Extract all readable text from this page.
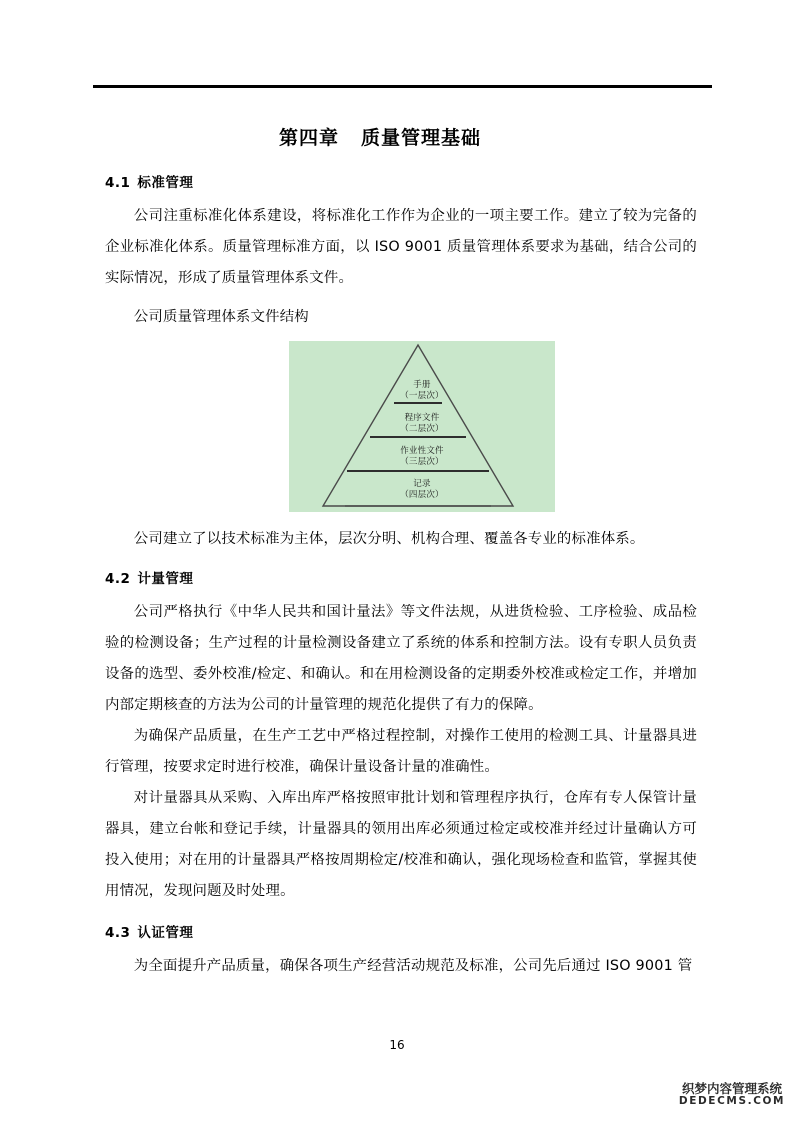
第四章 质量管理基础
4.1 标准管理

公司注重标准化体系建设，将标准化工作作为企业的一项主要工作。建立了较为完备的企业标准化体系。质量管理标准方面，以 ISO 9001 质量管理体系要求为基础，结合公司的实际情况，形成了质量管理体系文件。

公司质量管理体系文件结构

手册
（一层次）
程序文件
（二层次）
作业性文件
（三层次）
记录
（四层次）

公司建立了以技术标准为主体，层次分明、机构合理、覆盖各专业的标准体系。

4.2 计量管理

公司严格执行《中华人民共和国计量法》等文件法规，从进货检验、工序检验、成品检验的检测设备；生产过程的计量检测设备建立了系统的体系和控制方法。设有专职人员负责设备的选型、委外校准/检定、和确认。和在用检测设备的定期委外校准或检定工作，并增加内部定期核查的方法为公司的计量管理的规范化提供了有力的保障。

为确保产品质量，在生产工艺中严格过程控制，对操作工使用的检测工具、计量器具进行管理，按要求定时进行校准，确保计量设备计量的准确性。

对计量器具从采购、入库出库严格按照审批计划和管理程序执行，仓库有专人保管计量器具，建立台帐和登记手续，计量器具的领用出库必须通过检定或校准并经过计量确认方可投入使用；对在用的计量器具严格按周期检定/校准和确认，强化现场检查和监管，掌握其使用情况，发现问题及时处理。

4.3 认证管理

为全面提升产品质量，确保各项生产经营活动规范及标准，公司先后通过 ISO 9001 管

16
织梦内容管理系统
DEDECMS.COM
